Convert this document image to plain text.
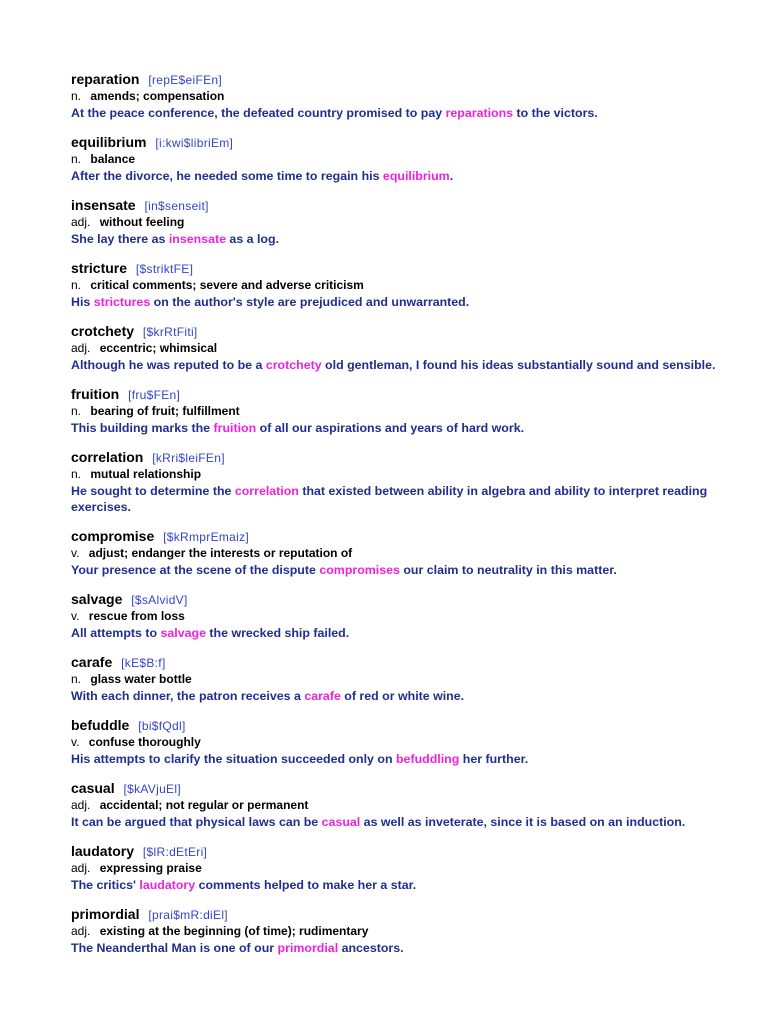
reparation [repE$eiFEn]
n. amends; compensation
At the peace conference, the defeated country promised to pay reparations to the victors.
equilibrium [i:kwi$libriEm]
n. balance
After the divorce, he needed some time to regain his equilibrium.
insensate [in$senseit]
adj. without feeling
She lay there as insensate as a log.
stricture [$striktFE]
n. critical comments; severe and adverse criticism
His strictures on the author's style are prejudiced and unwarranted.
crotchety [$krRtFiti]
adj. eccentric; whimsical
Although he was reputed to be a crotchety old gentleman, I found his ideas substantially sound and sensible.
fruition [fru$FEn]
n. bearing of fruit; fulfillment
This building marks the fruition of all our aspirations and years of hard work.
correlation [kRri$leiFEn]
n. mutual relationship
He sought to determine the correlation that existed between ability in algebra and ability to interpret reading exercises.
compromise [$kRmprEmaiz]
v. adjust; endanger the interests or reputation of
Your presence at the scene of the dispute compromises our claim to neutrality in this matter.
salvage [$sAlvidV]
v. rescue from loss
All attempts to salvage the wrecked ship failed.
carafe [kE$B:f]
n. glass water bottle
With each dinner, the patron receives a carafe of red or white wine.
befuddle [bi$fQdl]
v. confuse thoroughly
His attempts to clarify the situation succeeded only on befuddling her further.
casual [$kAVjuEl]
adj. accidental; not regular or permanent
It can be argued that physical laws can be casual as well as inveterate, since it is based on an induction.
laudatory [$lR:dEtEri]
adj. expressing praise
The critics' laudatory comments helped to make her a star.
primordial [prai$mR:diEl]
adj. existing at the beginning (of time); rudimentary
The Neanderthal Man is one of our primordial ancestors.
